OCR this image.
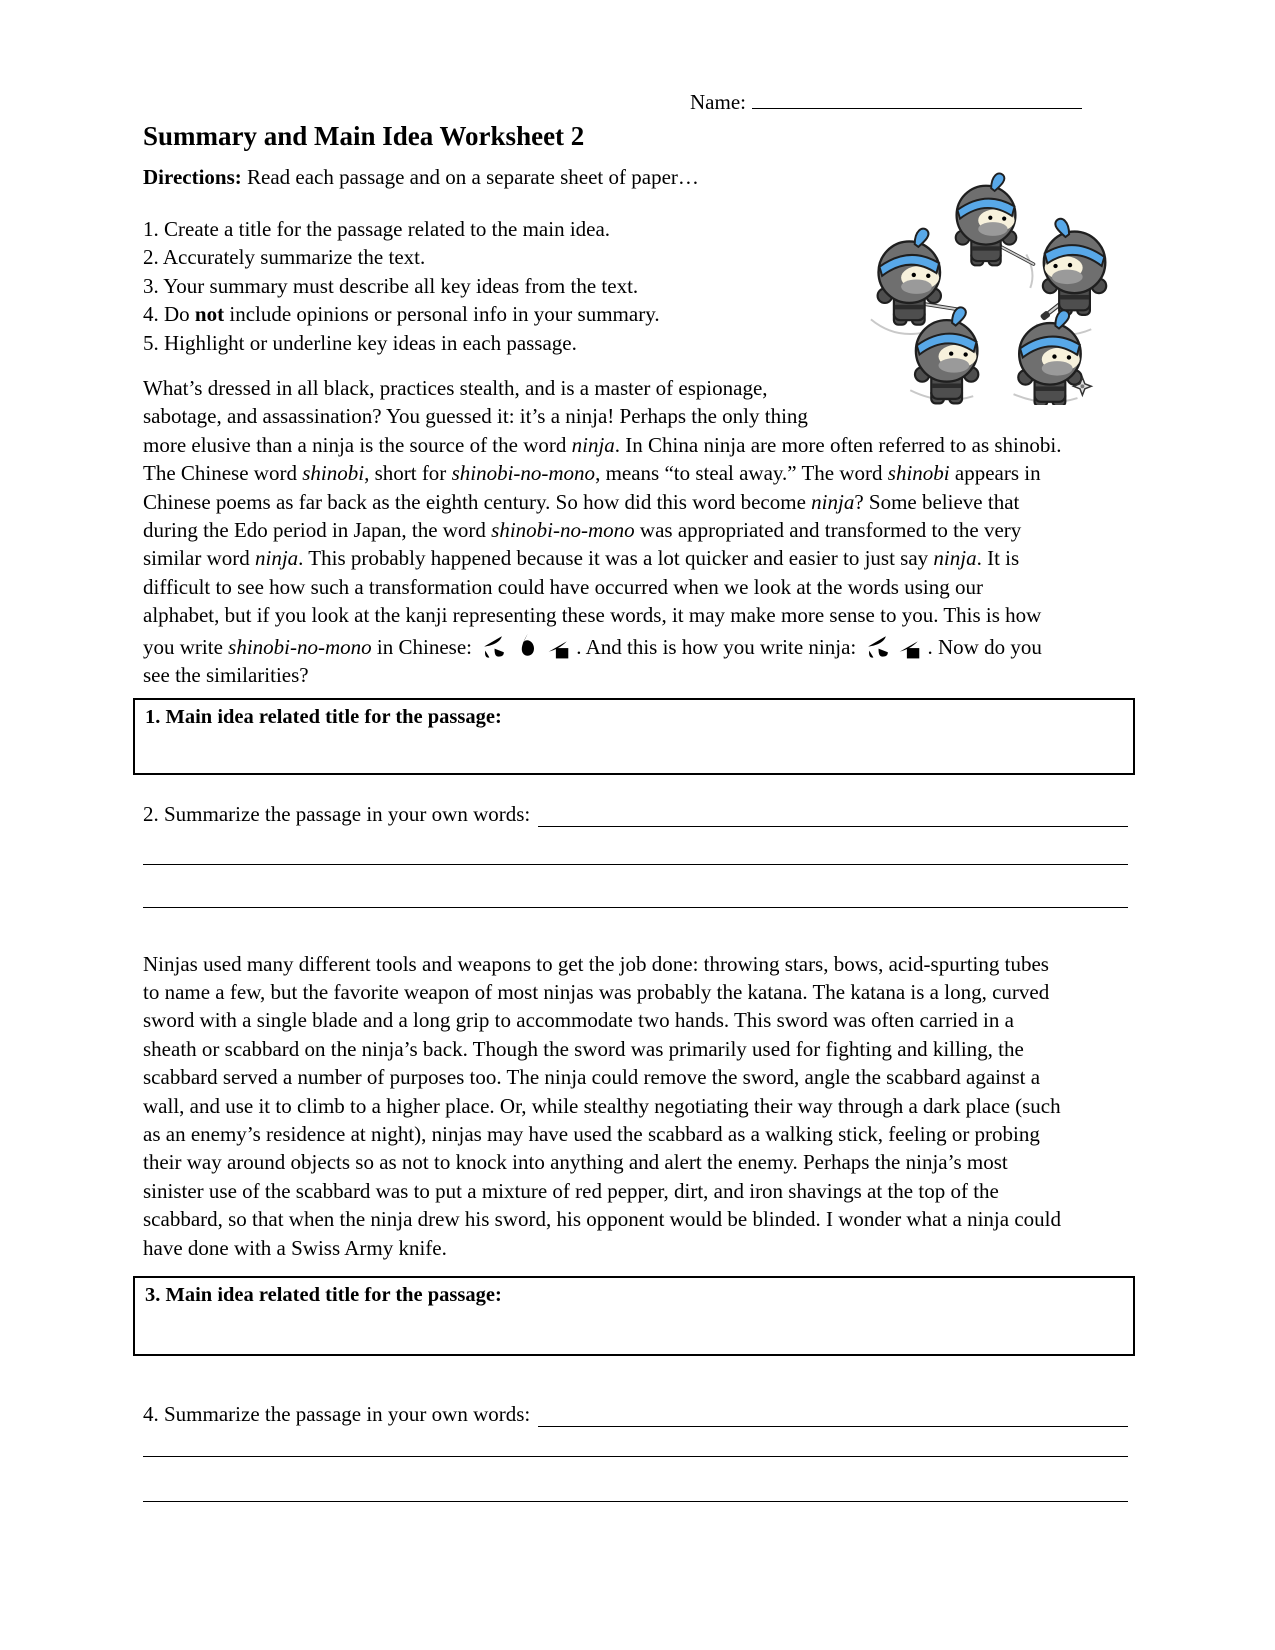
Name:
Summary and Main Idea Worksheet 2

Directions: Read each passage and on a separate sheet of paper…

1. Create a title for the passage related to the main idea.
2. Accurately summarize the text.
3. Your summary must describe all key ideas from the text.
4. Do not include opinions or personal info in your summary.
5. Highlight or underline key ideas in each passage.

What’s dressed in all black, practices stealth, and is a master of espionage, sabotage, and assassination? You guessed it: it’s a ninja! Perhaps the only thing more elusive than a ninja is the source of the word ninja. In China ninja are more often referred to as shinobi. The Chinese word shinobi, short for shinobi-no-mono, means “to steal away.” The word shinobi appears in Chinese poems as far back as the eighth century. So how did this word become ninja? Some believe that during the Edo period in Japan, the word shinobi-no-mono was appropriated and transformed to the very similar word ninja. This probably happened because it was a lot quicker and easier to just say ninja. It is difficult to see how such a transformation could have occurred when we look at the words using our alphabet, but if you look at the kanji representing these words, it may make more sense to you. This is how you write shinobi-no-mono in Chinese:	. And this is how you write ninja:	. Now do you see the similarities?

1. Main idea related title for the passage:
2. Summarize the passage in your own words:

Ninjas used many different tools and weapons to get the job done: throwing stars, bows, acid-spurting tubes to name a few, but the favorite weapon of most ninjas was probably the katana. The katana is a long, curved sword with a single blade and a long grip to accommodate two hands. This sword was often carried in a sheath or scabbard on the ninja’s back. Though the sword was primarily used for fighting and killing, the scabbard served a number of purposes too. The ninja could remove the sword, angle the scabbard against a wall, and use it to climb to a higher place. Or, while stealthy negotiating their way through a dark place (such as an enemy’s residence at night), ninjas may have used the scabbard as a walking stick, feeling or probing their way around objects so as not to knock into anything and alert the enemy. Perhaps the ninja’s most sinister use of the scabbard was to put a mixture of red pepper, dirt, and iron shavings at the top of the scabbard, so that when the ninja drew his sword, his opponent would be blinded. I wonder what a ninja could have done with a Swiss Army knife.

3. Main idea related title for the passage:
4. Summarize the passage in your own words:
